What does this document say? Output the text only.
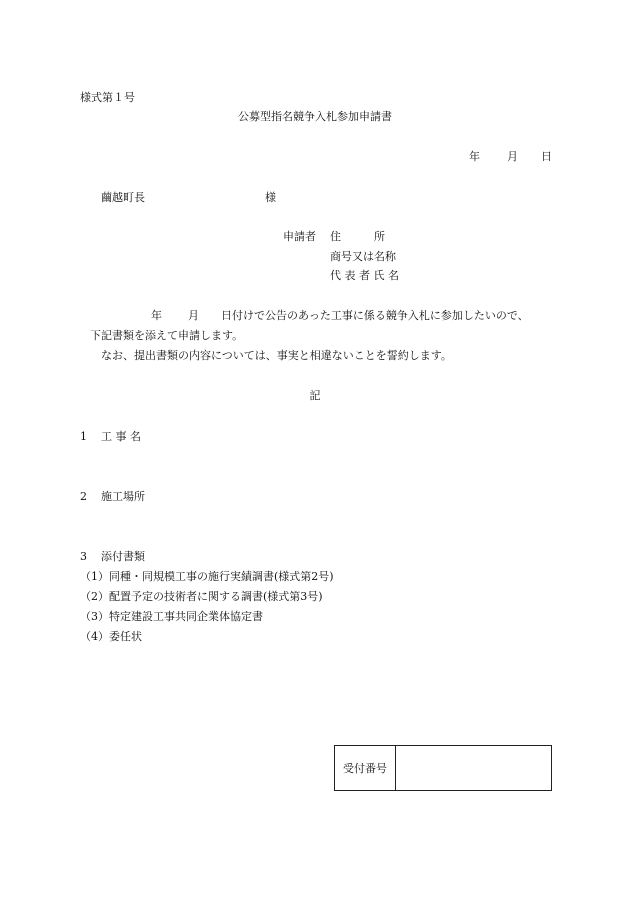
様式第１号
公募型指名競争入札参加申請書
年 月 日
繭越町長	様
申請者 住　　　所
商号又は名称
代 表 者 氏 名
年 月 日付けで公告のあった工事に係る競争入札に参加したいので、
下記書類を添えて申請します。
なお、提出書類の内容については、事実と相違ないことを誓約します。
記
1 工 事 名
2 施工場所
3 添付書類
（1）同種・同規模工事の施行実績調書(様式第2号)
（2）配置予定の技術者に関する調書(様式第3号)
（3）特定建設工事共同企業体協定書
（4）委任状
受付番号
